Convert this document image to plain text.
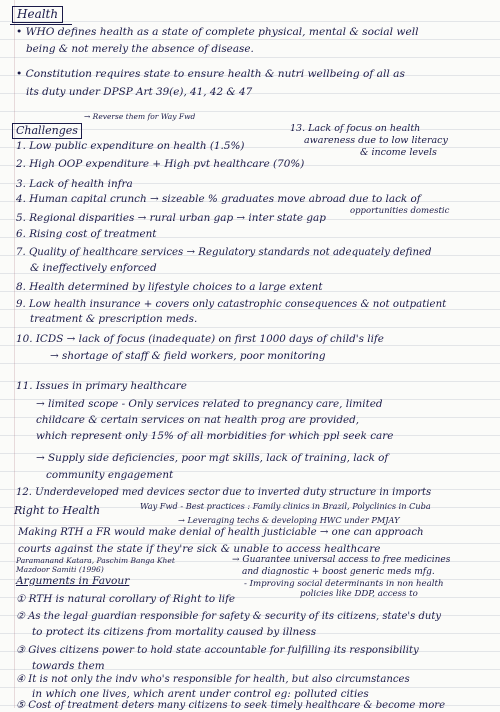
Health
• WHO defines health as a state of complete physical, mental & social well
being & not merely the absence of disease.
• Constitution requires state to ensure health & nutri wellbeing of all as
its duty under DPSP Art 39(e), 41, 42 & 47
Challenges
→ Reverse them for Way Fwd
13. Lack of focus on health
awareness due to low literacy
& income levels
1. Low public expenditure on health (1.5%)
2. High OOP expenditure + High pvt healthcare (70%)
3. Lack of health infra
4. Human capital crunch → sizeable % graduates move abroad due to lack of
opportunities domestic
5. Regional disparities → rural urban gap → inter state gap
6. Rising cost of treatment
7. Quality of healthcare services → Regulatory standards not adequately defined
& ineffectively enforced
8. Health determined by lifestyle choices to a large extent
9. Low health insurance + covers only catastrophic consequences & not outpatient
treatment & prescription meds.
10. ICDS → lack of focus (inadequate) on first 1000 days of child's life
→ shortage of staff & field workers, poor monitoring
11. Issues in primary healthcare
→ limited scope - Only services related to pregnancy care, limited
childcare & certain services on nat health prog are provided,
which represent only 15% of all morbidities for which ppl seek care
→ Supply side deficiencies, poor mgt skills, lack of training, lack of
community engagement
12. Underdeveloped med devices sector due to inverted duty structure in imports
Right to Health	Way Fwd - Best practices : Family clinics in Brazil, Polyclinics in Cuba
→ Leveraging techs & developing HWC under PMJAY
Making RTH a FR would make denial of health justiciable → one can approach
courts against the state if they're sick & unable to access healthcare
Paramanand Katara, Paschim Banga Khet Mazdoor Samiti (1996)
→ Guarantee universal access to free medicines
and diagnostic + boost generic meds mfg.
Arguments in Favour	- Improving social determinants in non health
policies like DDP, access to
① RTH is natural corollary of Right to life
② As the legal guardian responsible for safety & security of its citizens, state's duty
to protect its citizens from mortality caused by illness
③ Gives citizens power to hold state accountable for fulfilling its responsibility
towards them
④ It is not only the indv who's responsible for health, but also circumstances
in which one lives, which arent under control eg: polluted cities
⑤ Cost of treatment deters many citizens to seek timely healthcare & become more
